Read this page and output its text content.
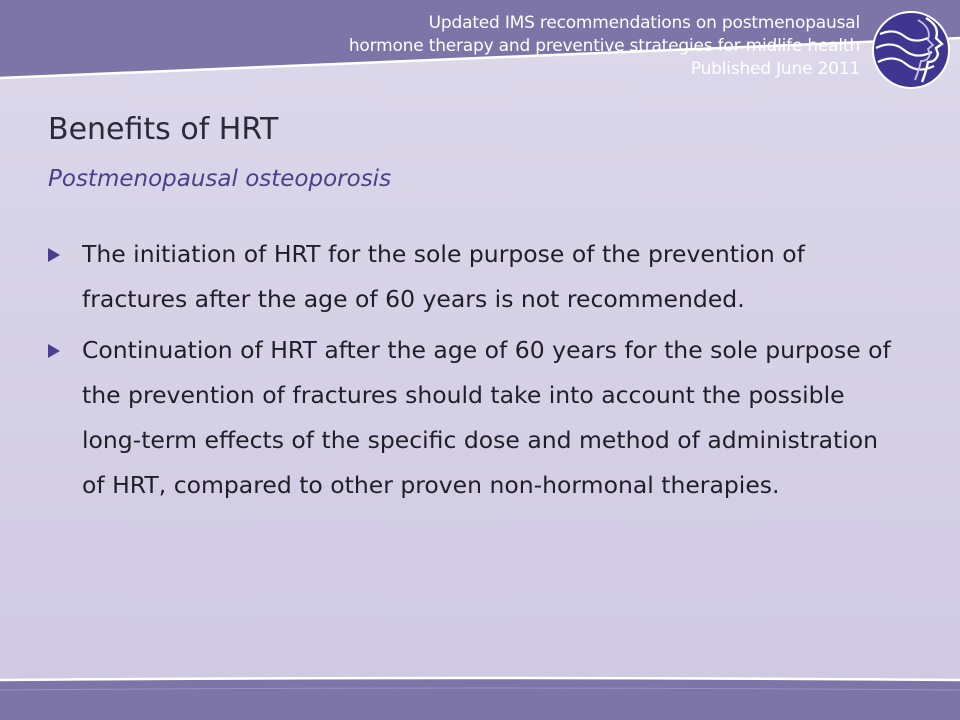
Updated IMS recommendations on postmenopausal
hormone therapy and preventive strategies for midlife health
Published June 2011
Benefits of HRT
Postmenopausal osteoporosis
The initiation of HRT for the sole purpose of the prevention of fractures after the age of 60 years is not recommended.
Continuation of HRT after the age of 60 years for the sole purpose of the prevention of fractures should take into account the possible long-term effects of the specific dose and method of administration of HRT, compared to other proven non-hormonal therapies.
